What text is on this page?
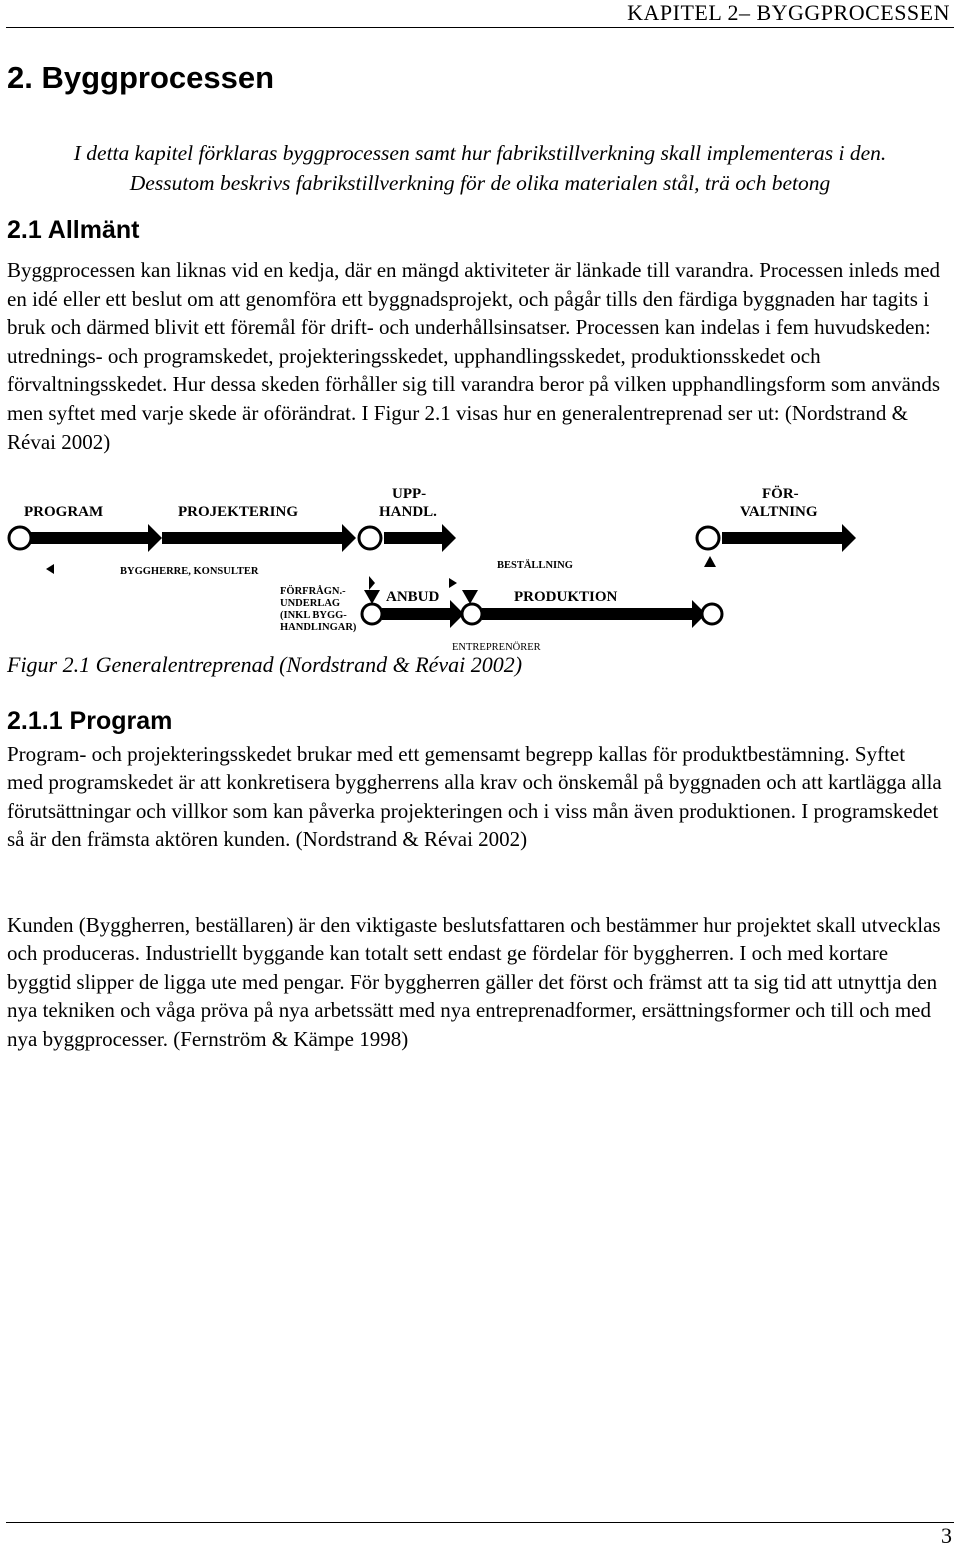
KAPITEL 2– BYGGPROCESSEN
2. Byggprocessen

I detta kapitel förklaras byggprocessen samt hur fabrikstillverkning skall implementeras i den.
Dessutom beskrivs fabrikstillverkning för de olika materialen stål, trä och betong

2.1 Allmänt

Byggprocessen kan liknas vid en kedja, där en mängd aktiviteter är länkade till varandra. Processen inleds med en idé eller ett beslut om att genomföra ett byggnadsprojekt, och pågår tills den färdiga byggnaden har tagits i bruk och därmed blivit ett föremål för drift- och underhållsinsatser. Processen kan indelas i fem huvudskeden: utrednings- och programskedet, projekteringsskedet, upphandlingsskedet, produktionsskedet och förvaltningsskedet. Hur dessa skeden förhåller sig till varandra beror på vilken upphandlingsform som används men syftet med varje skede är oförändrat. I Figur 2.1 visas hur en generalentreprenad ser ut: (Nordstrand & Révai 2002)

PROGRAM	PROJEKTERING
UPP-
HANDL.
FÖR-
VALTNING
BYGGHERRE, KONSULTER
FÖRFRÅGN.-
UNDERLAG
(INKL BYGG-
HANDLINGAR)
ANBUD
BESTÄLLNING
PRODUKTION
ENTREPRENÖRER

Figur 2.1 Generalentreprenad (Nordstrand & Révai 2002)

2.1.1 Program

Program- och projekteringsskedet brukar med ett gemensamt begrepp kallas för produktbestämning. Syftet med programskedet är att konkretisera byggherrens alla krav och önskemål på byggnaden och att kartlägga alla förutsättningar och villkor som kan påverka projekteringen och i viss mån även produktionen. I programskedet så är den främsta aktören kunden. (Nordstrand & Révai 2002)

Kunden (Byggherren, beställaren) är den viktigaste beslutsfattaren och bestämmer hur projektet skall utvecklas och produceras. Industriellt byggande kan totalt sett endast ge fördelar för byggherren. I och med kortare byggtid slipper de ligga ute med pengar. För byggherren gäller det först och främst att ta sig tid att utnyttja den nya tekniken och våga pröva på nya arbetssätt med nya entreprenadformer, ersättningsformer och till och med nya byggprocesser. (Fernström & Kämpe 1998)

3
